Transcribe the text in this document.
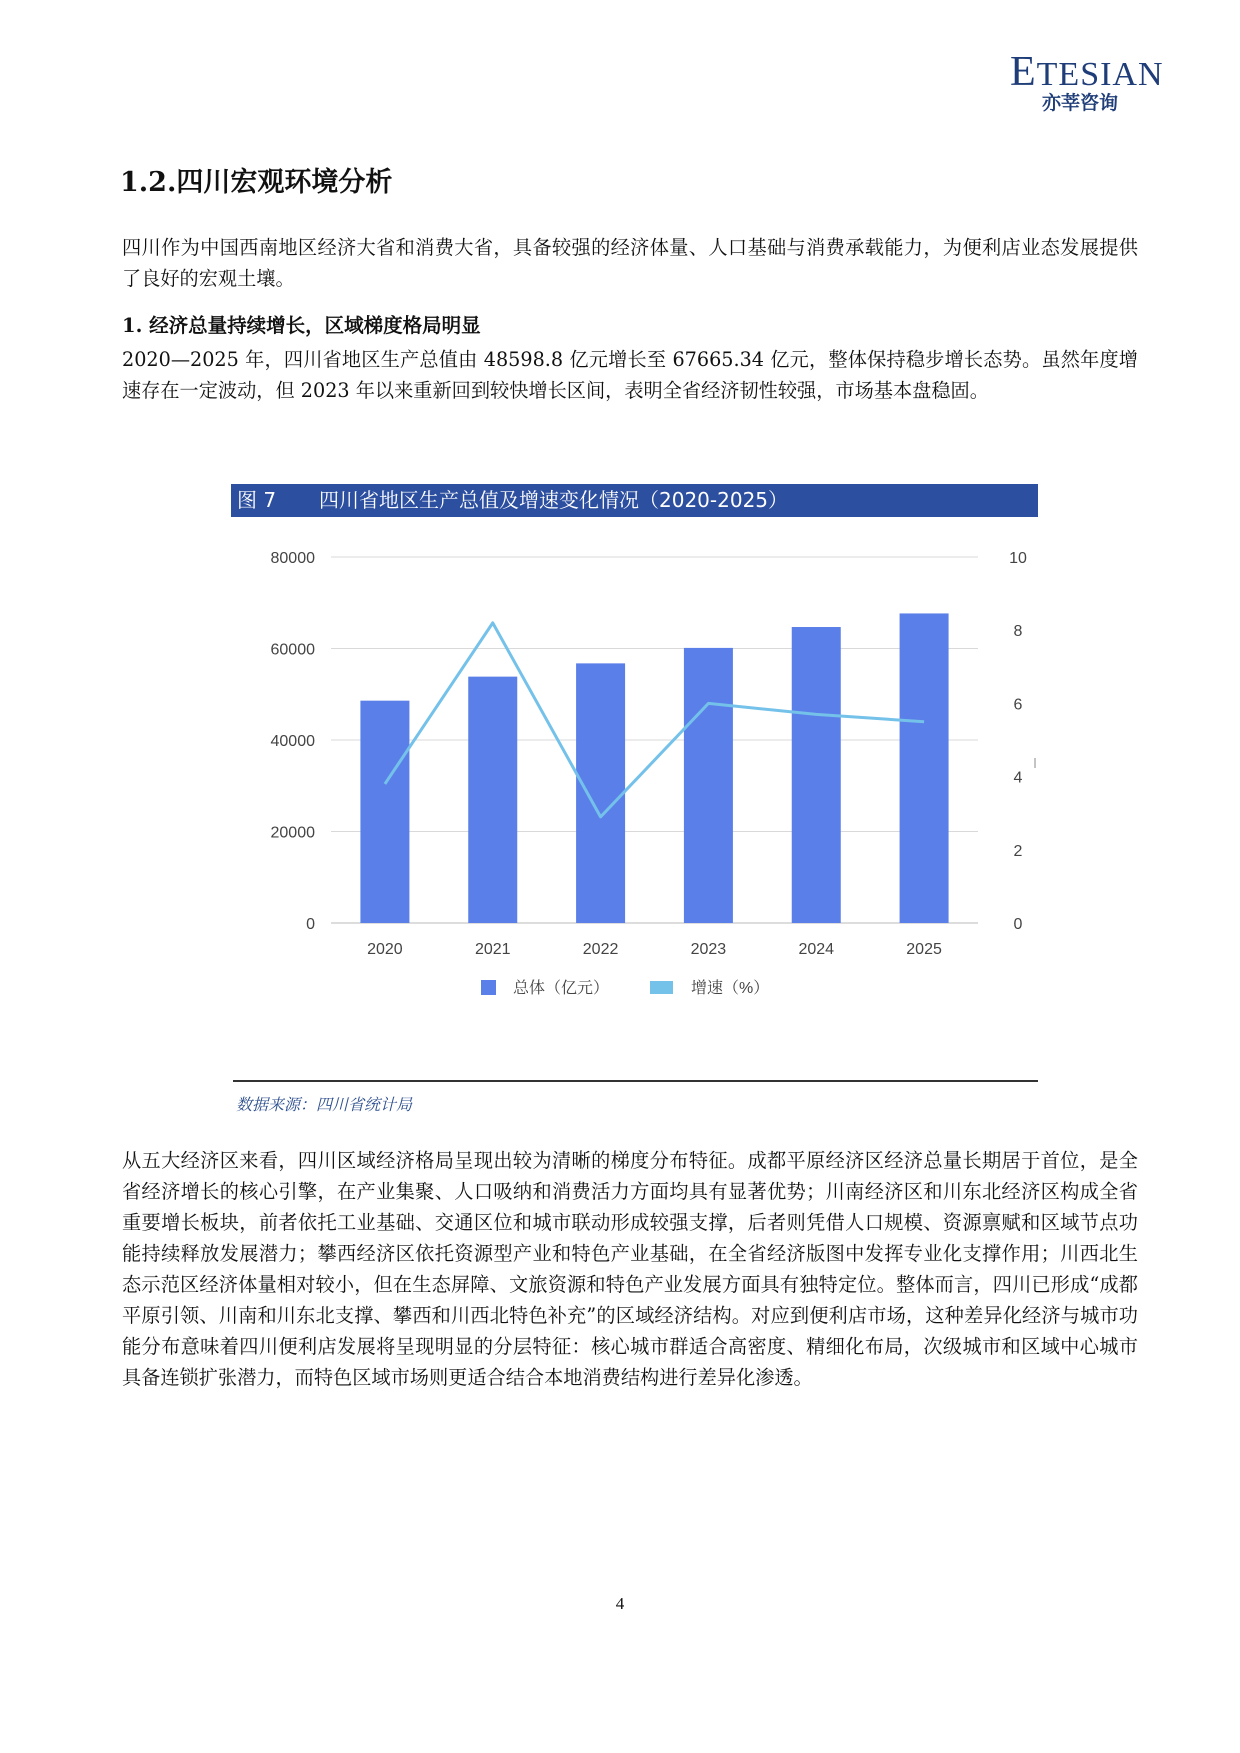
ETESIAN
亦莘咨询
1.2.四川宏观环境分析

四川作为中国西南地区经济大省和消费大省，具备较强的经济体量、人口基础与消费承载能力，为便利店业态发展提供了良好的宏观土壤。

1. 经济总量持续增长，区域梯度格局明显

2020—2025 年，四川省地区生产总值由 48598.8 亿元增长至 67665.34 亿元，整体保持稳步增长态势。虽然年度增速存在一定波动，但 2023 年以来重新回到较快增长区间，表明全省经济韧性较强，市场基本盘稳固。

图 7 四川省地区生产总值及增速变化情况（2020-2025）
0
20000
40000
60000
80000
0
2
4
6
8
10
2020	2021	2022	2023	2024	2025
总体（亿元）	增速（%）
数据来源：四川省统计局

从五大经济区来看，四川区域经济格局呈现出较为清晰的梯度分布特征。成都平原经济区经济总量长期居于首位，是全省经济增长的核心引擎，在产业集聚、人口吸纳和消费活力方面均具有显著优势；川南经济区和川东北经济区构成全省重要增长板块，前者依托工业基础、交通区位和城市联动形成较强支撑，后者则凭借人口规模、资源禀赋和区域节点功能持续释放发展潜力；攀西经济区依托资源型产业和特色产业基础，在全省经济版图中发挥专业化支撑作用；川西北生态示范区经济体量相对较小，但在生态屏障、文旅资源和特色产业发展方面具有独特定位。整体而言，四川已形成“成都平原引领、川南和川东北支撑、攀西和川西北特色补充”的区域经济结构。对应到便利店市场，这种差异化经济与城市功能分布意味着四川便利店发展将呈现明显的分层特征：核心城市群适合高密度、精细化布局，次级城市和区域中心城市具备连锁扩张潜力，而特色区域市场则更适合结合本地消费结构进行差异化渗透。

4
